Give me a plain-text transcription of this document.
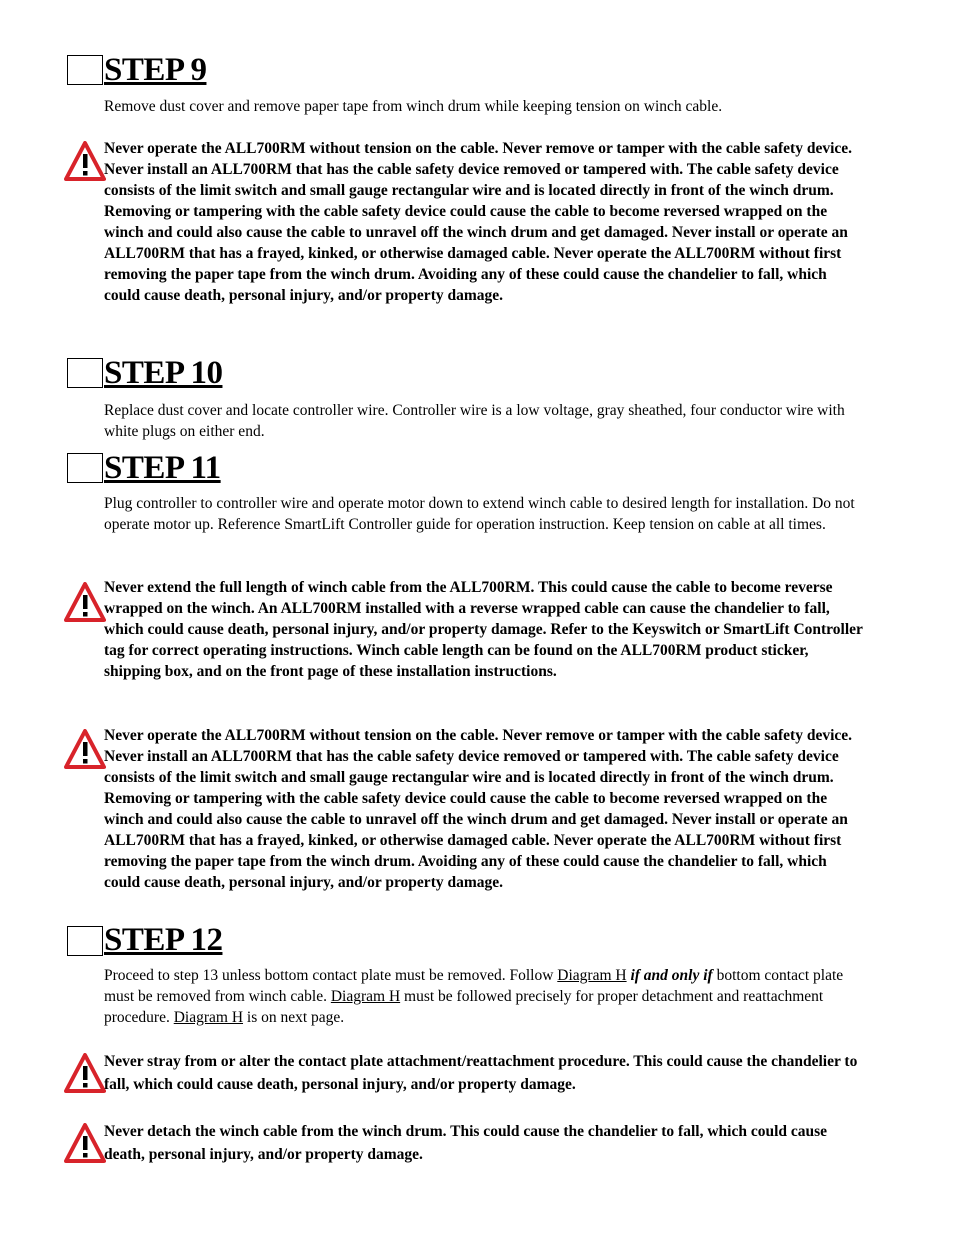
STEP 9
Remove dust cover and remove paper tape from winch drum while keeping tension on winch cable.
Never operate the ALL700RM without tension on the cable. Never remove or tamper with the cable safety device. Never install an ALL700RM that has the cable safety device removed or tampered with. The cable safety device consists of the limit switch and small gauge rectangular wire and is located directly in front of the winch drum. Removing or tampering with the cable safety device could cause the cable to become reversed wrapped on the winch and could also cause the cable to unravel off the winch drum and get damaged. Never install or operate an ALL700RM that has a frayed, kinked, or otherwise damaged cable. Never operate the ALL700RM without first removing the paper tape from the winch drum. Avoiding any of these could cause the chandelier to fall, which could cause death, personal injury, and/or property damage.
STEP 10
Replace dust cover and locate controller wire. Controller wire is a low voltage, gray sheathed, four conductor wire with white plugs on either end.
STEP 11
Plug controller to controller wire and operate motor down to extend winch cable to desired length for installation. Do not operate motor up. Reference SmartLift Controller guide for operation instruction. Keep tension on cable at all times.
Never extend the full length of winch cable from the ALL700RM. This could cause the cable to become reverse wrapped on the winch. An ALL700RM installed with a reverse wrapped cable can cause the chandelier to fall, which could cause death, personal injury, and/or property damage. Refer to the Keyswitch or SmartLift Controller tag for correct operating instructions. Winch cable length can be found on the ALL700RM product sticker, shipping box, and on the front page of these installation instructions.
Never operate the ALL700RM without tension on the cable. Never remove or tamper with the cable safety device. Never install an ALL700RM that has the cable safety device removed or tampered with. The cable safety device consists of the limit switch and small gauge rectangular wire and is located directly in front of the winch drum. Removing or tampering with the cable safety device could cause the cable to become reversed wrapped on the winch and could also cause the cable to unravel off the winch drum and get damaged. Never install or operate an ALL700RM that has a frayed, kinked, or otherwise damaged cable. Never operate the ALL700RM without first removing the paper tape from the winch drum. Avoiding any of these could cause the chandelier to fall, which could cause death, personal injury, and/or property damage.
STEP 12
Proceed to step 13 unless bottom contact plate must be removed. Follow Diagram H if and only if bottom contact plate must be removed from winch cable. Diagram H must be followed precisely for proper detachment and reattachment procedure. Diagram H is on next page.
Never stray from or alter the contact plate attachment/reattachment procedure. This could cause the chandelier to fall, which could cause death, personal injury, and/or property damage.
Never detach the winch cable from the winch drum. This could cause the chandelier to fall, which could cause death, personal injury, and/or property damage.
